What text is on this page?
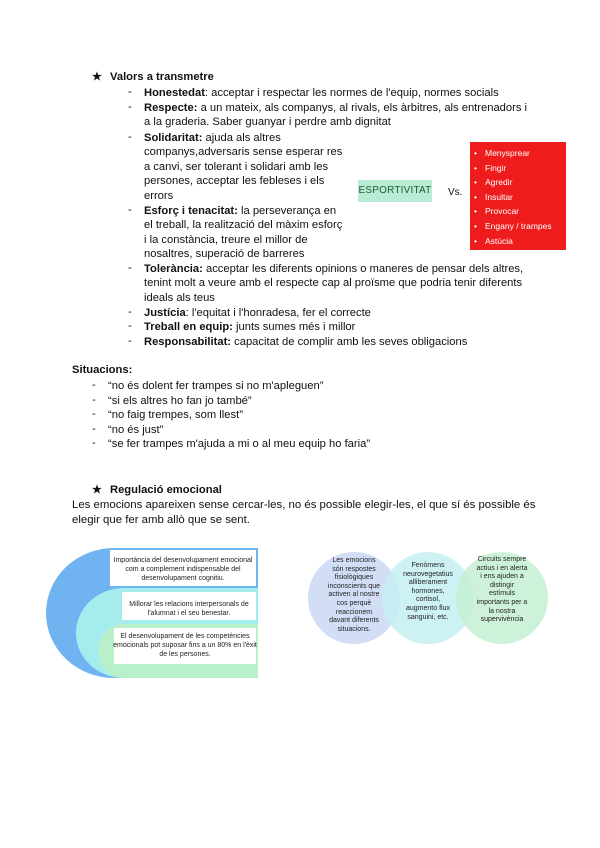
★ Valors a transmetre
- Honestedat: acceptar i respectar les normes de l'equip, normes socials
- Respecte: a un mateix, als companys, al rivals, els àrbitres, als entrenadors i
a la graderia. Saber guanyar i perdre amb dignitat
- Solidaritat: ajuda als altres
companys,adversaris sense esperar res
a canvi, ser tolerant i solidari amb les
persones, acceptar les febleses i els
errors
- Esforç i tenacitat: la perseverança en
el treball, la realització del màxim esforç
i la constància, treure el millor de
nosaltres, superació de barreres
- Tolerància: acceptar les diferents opinions o maneres de pensar dels altres,
tenint molt a veure amb el respecte cap al proïsme que podria tenir diferents
ideals als teus
- Justícia: l'equitat i l'honradesa, fer el correcte
- Treball en equip: junts sumes més i millor
- Responsabilitat: capacitat de complir amb les seves obligacions
ESPORTIVITAT Vs.
• Menysprear
• Fingir
• Agredir
• Insultar
• Provocar
• Engany / trampes
• Astúcia
Situacions:
- “no és dolent fer trampes si no m'apleguen”
- “si els altres ho fan jo també”
- “no faig trempes, som llest”
- “no és just”
- “se fer trampes m'ajuda a mi o al meu equip ho faria”
★ Regulació emocional
Les emocions apareixen sense cercar-les, no és possible elegir-les, el que sí és possible és
elegir que fer amb allò que se sent.
Importància del desenvolupament emocional
com a complement indispensable del
desenvolupament cognitiu.
Millorar les relacions interpersonals de
l'alumnat i el seu benestar.
El desenvolupament de les competències
emocionals pot suposar fins a un 80% en l'èxit
de les persones.
Les emocions
són respostes
fisiològiques
inconscients que
activen al nostre
cos perquè
reaccionem
davant diferents
situacions.
Fenòmens
neurovegetatius
alliberament
hormones,
cortisol,
augmento flux
sanguini, etc.
Circuits sempre
actius i en alerta
i ens ajuden a
distingir
estímuls
importants per a
la nostra
supervivència
